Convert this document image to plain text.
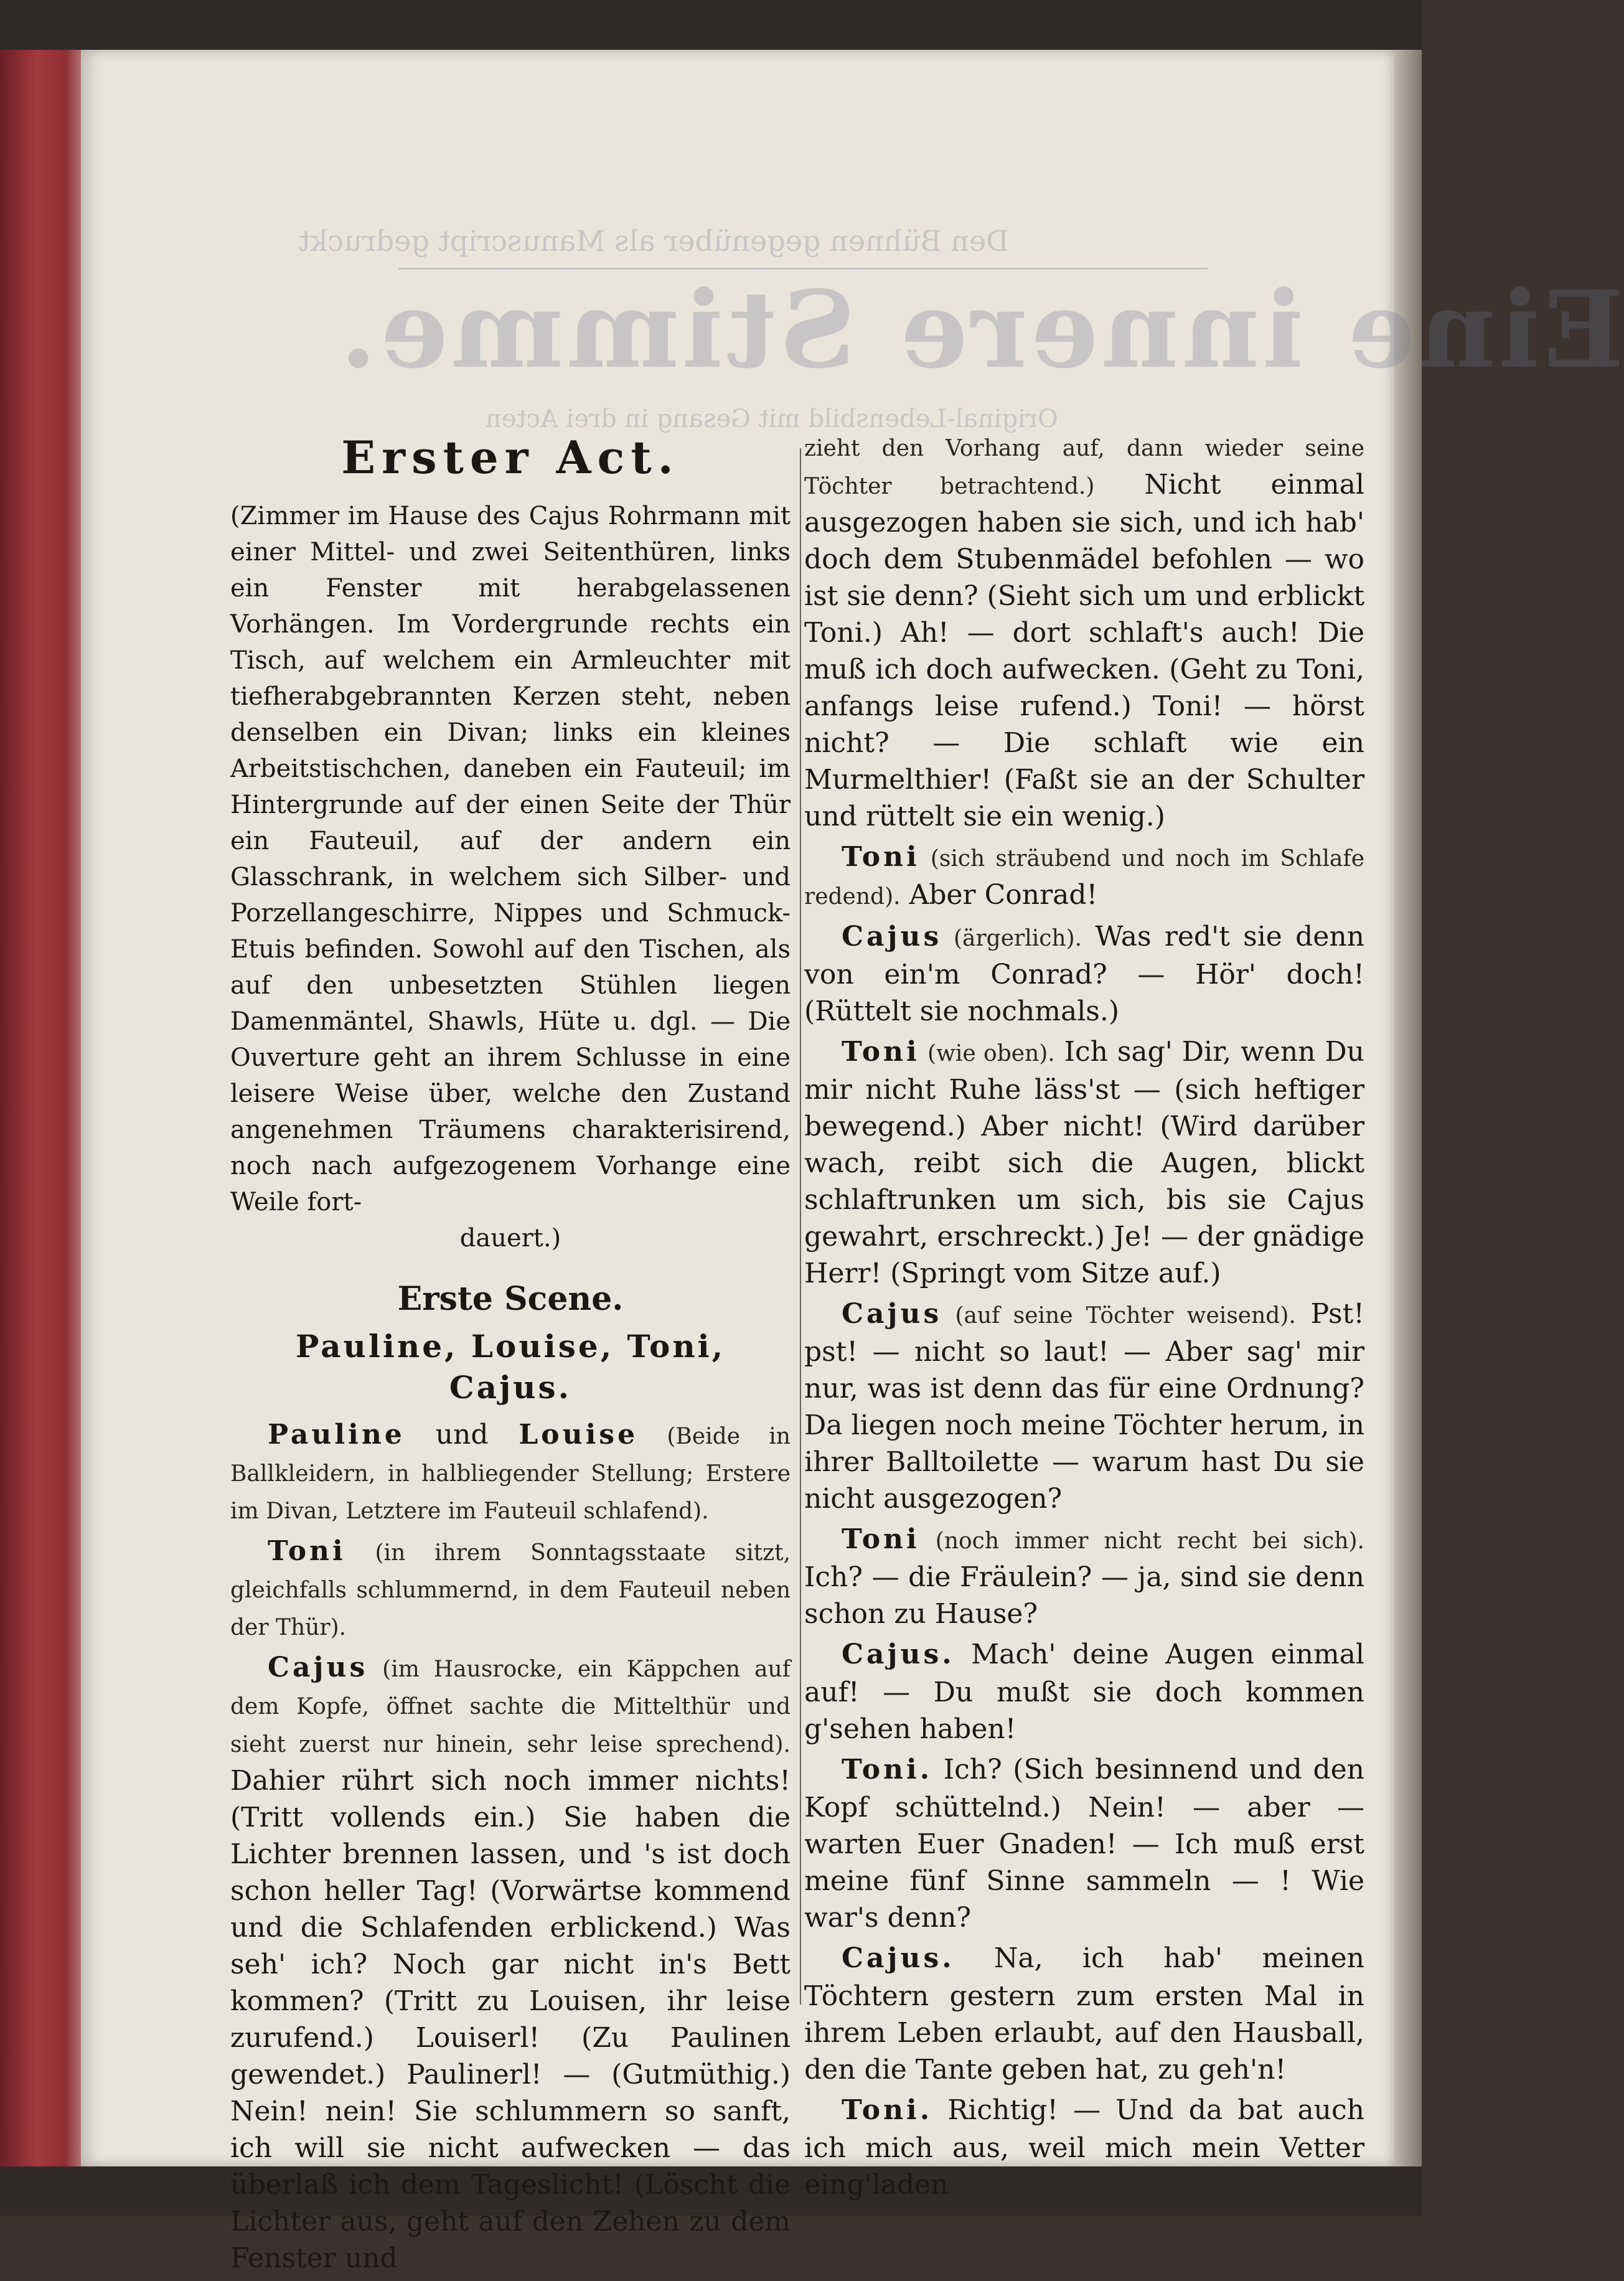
Den Bühnen gegenüber als Manuscript gedruckt
Eine innere Stimme.
Original-Lebensbild mit Gesang in drei Acten
Erster Act.

(Zimmer im Hause des Cajus Rohrmann mit einer Mittel- und zwei Seitenthüren, links ein Fenster mit herabgelassenen Vorhängen. Im Vordergrunde rechts ein Tisch, auf welchem ein Armleuchter mit tiefherabgebrannten Kerzen steht, neben denselben ein Divan; links ein kleines Arbeitstischchen, daneben ein Fauteuil; im Hintergrunde auf der einen Seite der Thür ein Fauteuil, auf der andern ein Glasschrank, in welchem sich Silber- und Porzellangeschirre, Nippes und Schmuck-Etuis befinden. Sowohl auf den Tischen, als auf den unbesetzten Stühlen liegen Damenmäntel, Shawls, Hüte u. dgl. — Die Ouverture geht an ihrem Schlusse in eine leisere Weise über, welche den Zustand angenehmen Träumens charakterisirend, noch nach aufgezogenem Vorhange eine Weile fort-
dauert.)

Erste Scene.
Pauline, Louise, Toni, Cajus.

Pauline und Louise (Beide in Ballkleidern, in halbliegender Stellung; Erstere im Divan, Letztere im Fauteuil schlafend).

Toni (in ihrem Sonntagsstaate sitzt, gleichfalls schlummernd, in dem Fauteuil neben der Thür).

Cajus (im Hausrocke, ein Käppchen auf dem Kopfe, öffnet sachte die Mittelthür und sieht zuerst nur hinein, sehr leise sprechend). Dahier rührt sich noch immer nichts! (Tritt vollends ein.) Sie haben die Lichter brennen lassen, und 's ist doch schon heller Tag! (Vorwärtse kommend und die Schlafenden erblickend.) Was seh' ich? Noch gar nicht in's Bett kommen? (Tritt zu Louisen, ihr leise zurufend.) Louiserl! (Zu Paulinen gewendet.) Paulinerl! — (Gutmüthig.) Nein! nein! Sie schlummern so sanft, ich will sie nicht aufwecken — das überlaß ich dem Tageslicht! (Löscht die Lichter aus, geht auf den Zehen zu dem Fenster und

zieht den Vorhang auf, dann wieder seine Töchter betrachtend.) Nicht einmal ausgezogen haben sie sich, und ich hab' doch dem Stubenmädel befohlen — wo ist sie denn? (Sieht sich um und erblickt Toni.) Ah! — dort schlaft's auch! Die muß ich doch aufwecken. (Geht zu Toni, anfangs leise rufend.) Toni! — hörst nicht? — Die schlaft wie ein Murmelthier! (Faßt sie an der Schulter und rüttelt sie ein wenig.)

Toni (sich sträubend und noch im Schlafe redend). Aber Conrad!

Cajus (ärgerlich). Was red't sie denn von ein'm Conrad? — Hör' doch! (Rüttelt sie nochmals.)

Toni (wie oben). Ich sag' Dir, wenn Du mir nicht Ruhe läss'st — (sich heftiger bewegend.) Aber nicht! (Wird darüber wach, reibt sich die Augen, blickt schlaftrunken um sich, bis sie Cajus gewahrt, erschreckt.) Je! — der gnädige Herr! (Springt vom Sitze auf.)

Cajus (auf seine Töchter weisend). Pst! pst! — nicht so laut! — Aber sag' mir nur, was ist denn das für eine Ordnung? Da liegen noch meine Töchter herum, in ihrer Balltoilette — warum hast Du sie nicht ausgezogen?

Toni (noch immer nicht recht bei sich). Ich? — die Fräulein? — ja, sind sie denn schon zu Hause?

Cajus. Mach' deine Augen einmal auf! — Du mußt sie doch kommen g'sehen haben!

Toni. Ich? (Sich besinnend und den Kopf schüttelnd.) Nein! — aber — warten Euer Gnaden! — Ich muß erst meine fünf Sinne sammeln — ! Wie war's denn?

Cajus. Na, ich hab' meinen Töchtern gestern zum ersten Mal in ihrem Leben erlaubt, auf den Hausball, den die Tante geben hat, zu geh'n!

Toni. Richtig! — Und da bat auch ich mich aus, weil mich mein Vetter eing'laden
